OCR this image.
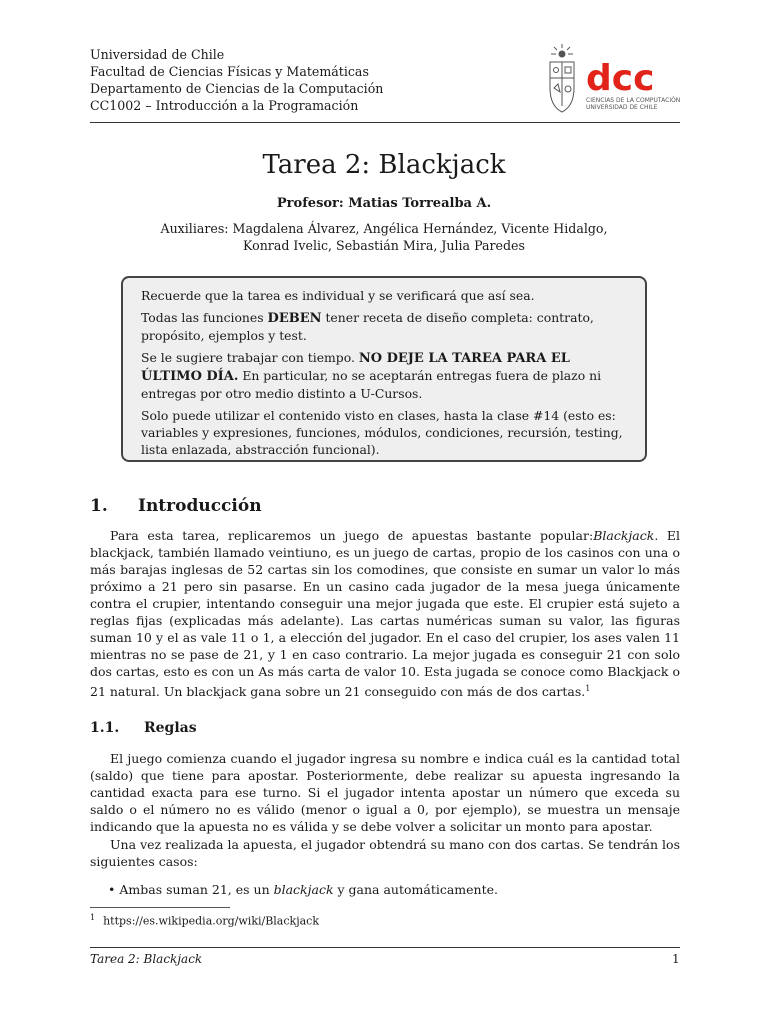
Universidad de Chile
Facultad de Ciencias Físicas y Matemáticas
Departamento de Ciencias de la Computación
CC1002 – Introducción a la Programación
dcc
CIENCIAS DE LA COMPUTACIÓN
UNIVERSIDAD DE CHILE
Tarea 2: Blackjack
Profesor: Matias Torrealba A.
Auxiliares: Magdalena Álvarez, Angélica Hernández, Vicente Hidalgo,
Konrad Ivelic, Sebastián Mira, Julia Paredes

Recuerde que la tarea es individual y se verificará que así sea.

Todas las funciones DEBEN tener receta de diseño completa: contrato, propósito, ejemplos y test.

Se le sugiere trabajar con tiempo. NO DEJE LA TAREA PARA EL ÚLTIMO DÍA. En particular, no se aceptarán entregas fuera de plazo ni entregas por otro medio distinto a U-Cursos.

Solo puede utilizar el contenido visto en clases, hasta la clase #14 (esto es: variables y expresiones, funciones, módulos, condiciones, recursión, testing, lista enlazada, abstracción funcional).

1. Introducción
Para esta tarea, replicaremos un juego de apuestas bastante popular:Blackjack. El blackjack, también llamado veintiuno, es un juego de cartas, propio de los casinos con una o más barajas inglesas de 52 cartas sin los comodines, que consiste en sumar un valor lo más próximo a 21 pero sin pasarse. En un casino cada jugador de la mesa juega únicamente contra el crupier, intentando conseguir una mejor jugada que este. El crupier está sujeto a reglas fijas (explicadas más adelante). Las cartas numéricas suman su valor, las figuras suman 10 y el as vale 11 o 1, a elección del jugador. En el caso del crupier, los ases valen 11 mientras no se pase de 21, y 1 en caso contrario. La mejor jugada es conseguir 21 con solo dos cartas, esto es con un As más carta de valor 10. Esta jugada se conoce como Blackjack o 21 natural. Un blackjack gana sobre un 21 conseguido con más de dos cartas.$^1$
1.1. Reglas
El juego comienza cuando el jugador ingresa su nombre e indica cuál es la cantidad total (saldo) que tiene para apostar. Posteriormente, debe realizar su apuesta ingresando la cantidad exacta para ese turno. Si el jugador intenta apostar un número que exceda su saldo o el número no es válido (menor o igual a 0, por ejemplo), se muestra un mensaje indicando que la apuesta no es válida y se debe volver a solicitar un monto para apostar.
Una vez realizada la apuesta, el jugador obtendrá su mano con dos cartas. Se tendrán los siguientes casos:
• Ambas suman 21, es un blackjack y gana automáticamente.
$^1$ https://es.wikipedia.org/wiki/Blackjack
Tarea 2: Blackjack	1
